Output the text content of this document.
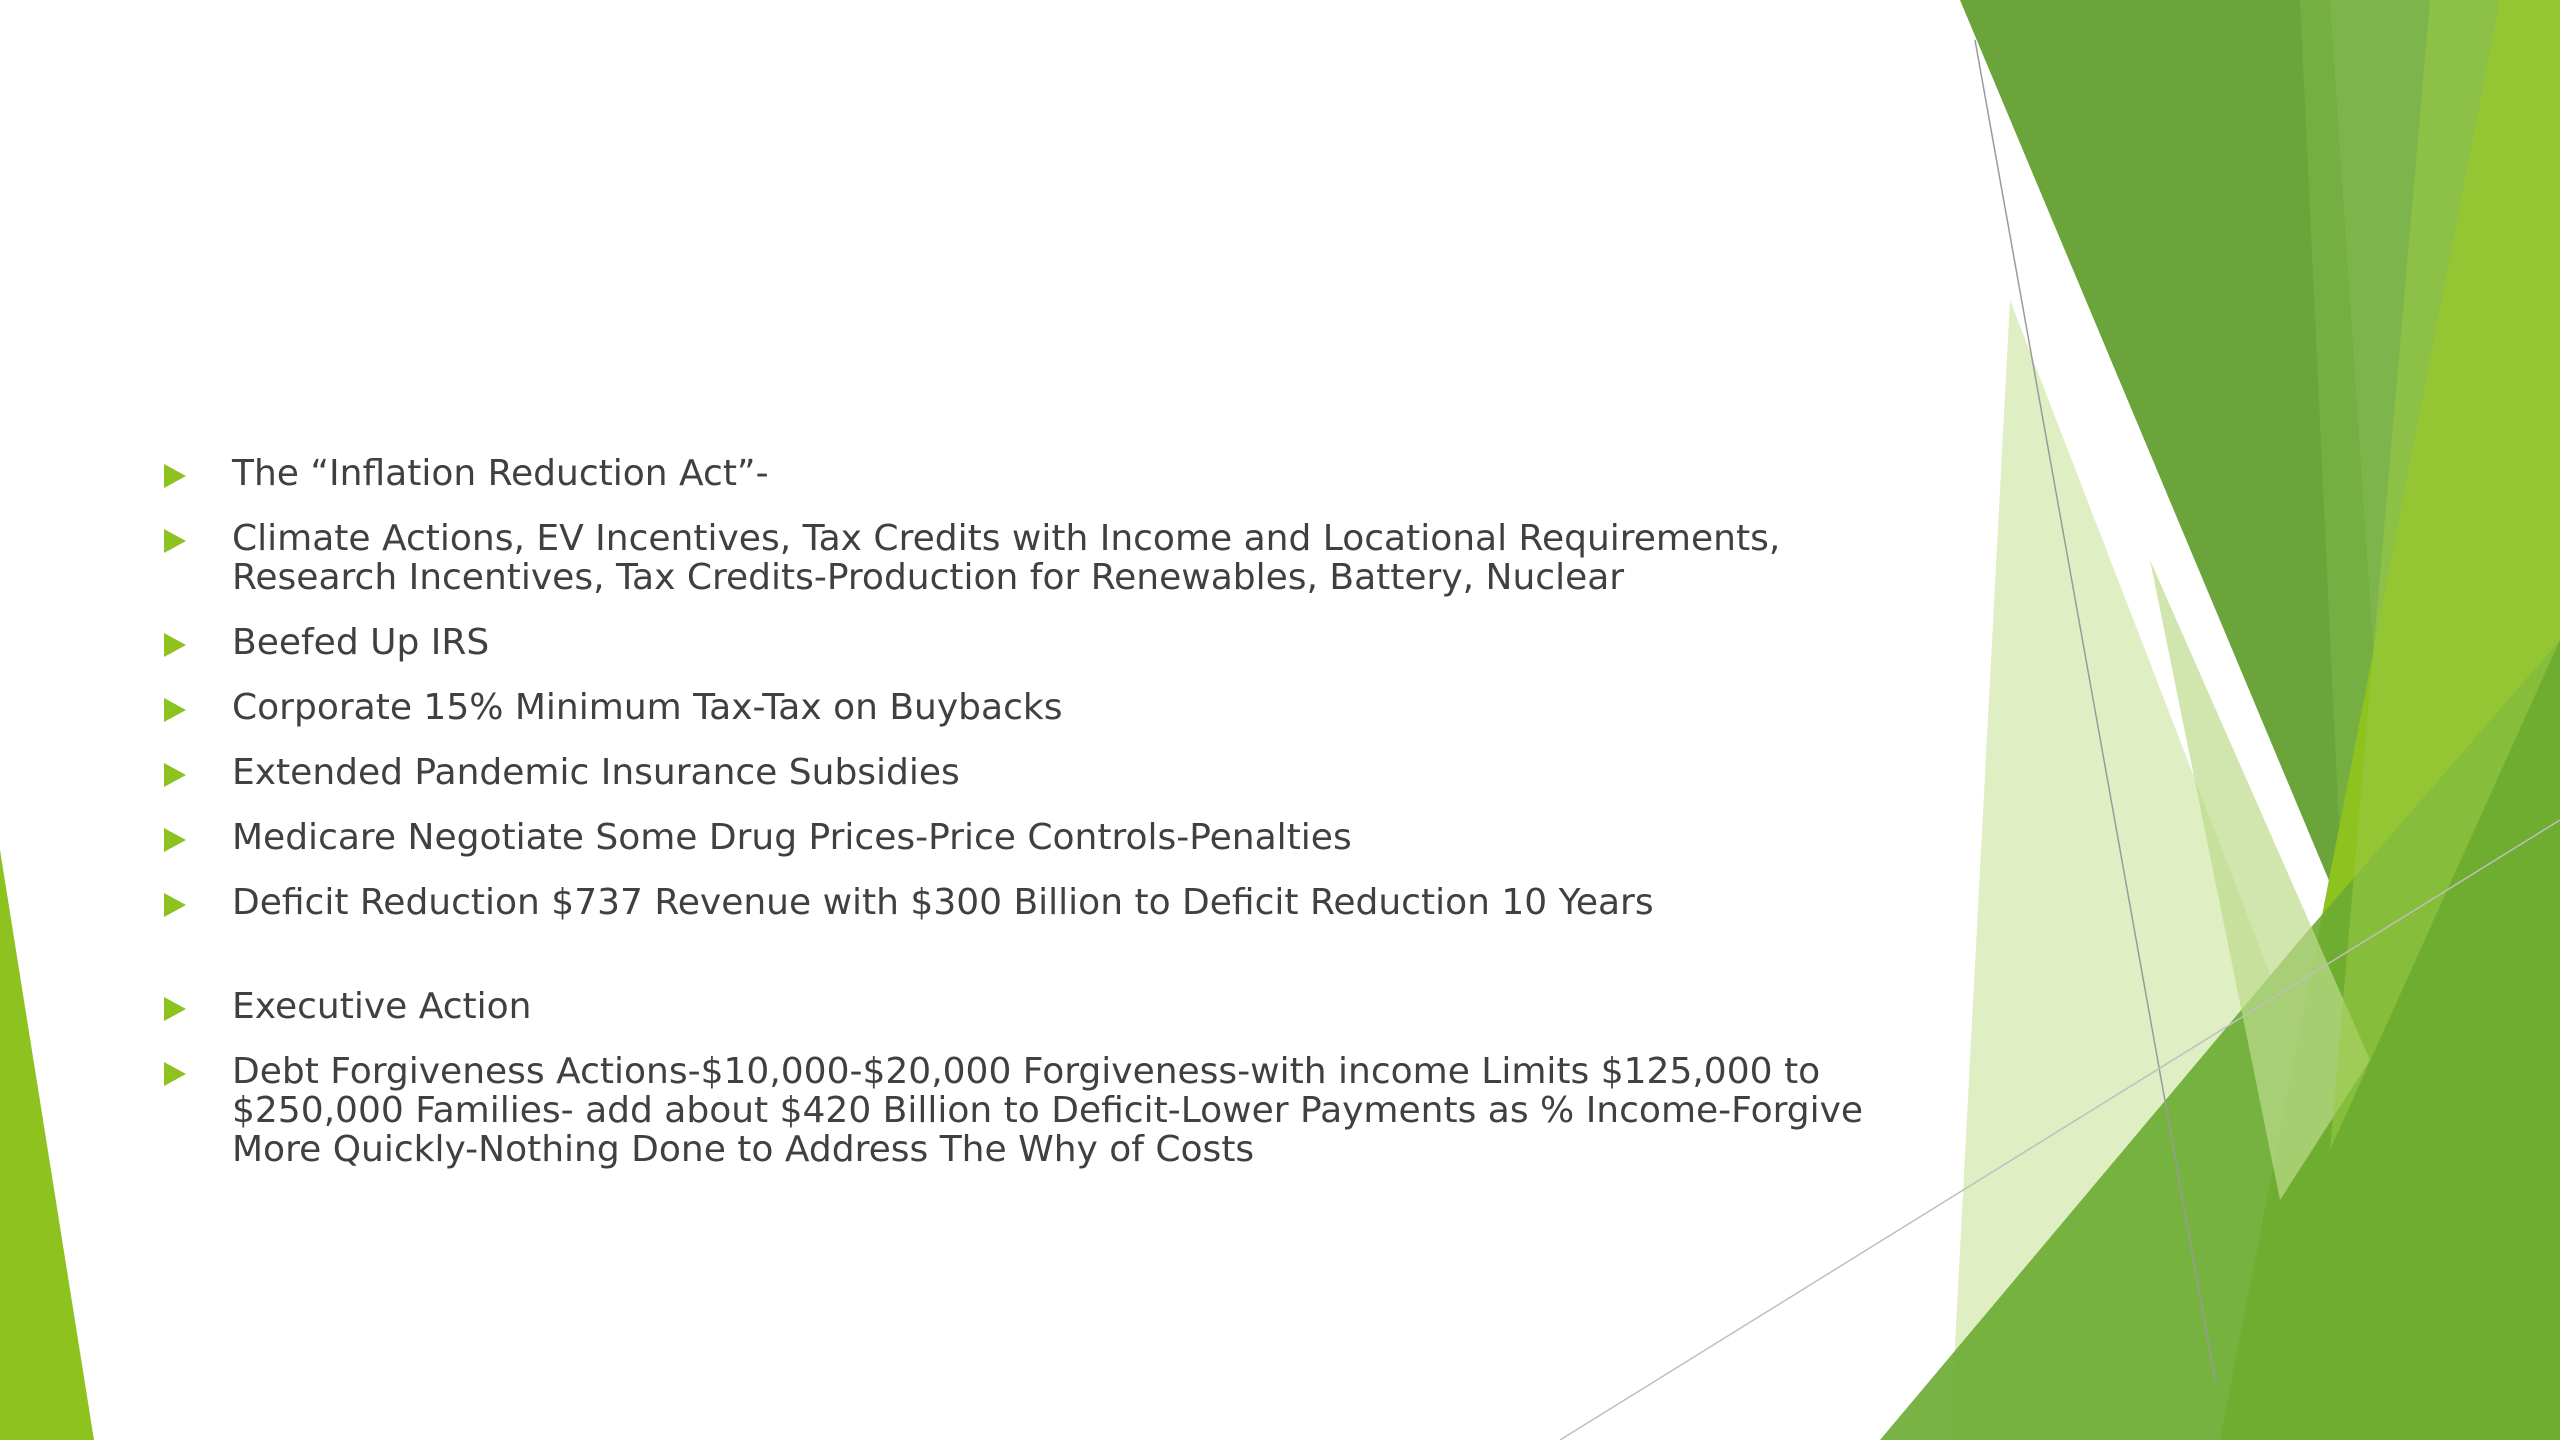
The “Inflation Reduction Act”-
Climate Actions, EV Incentives, Tax Credits with Income and Locational Requirements, Research Incentives, Tax Credits-Production for Renewables, Battery, Nuclear
Beefed Up IRS
Corporate 15% Minimum Tax-Tax on Buybacks
Extended Pandemic Insurance Subsidies
Medicare Negotiate Some Drug Prices-Price Controls-Penalties
Deficit Reduction $737 Revenue with $300 Billion to Deficit Reduction 10 Years
Executive Action
Debt Forgiveness Actions-$10,000-$20,000 Forgiveness-with income Limits $125,000 to $250,000 Families- add about $420 Billion to Deficit-Lower Payments as % Income-Forgive More Quickly-Nothing Done to Address The Why of Costs
